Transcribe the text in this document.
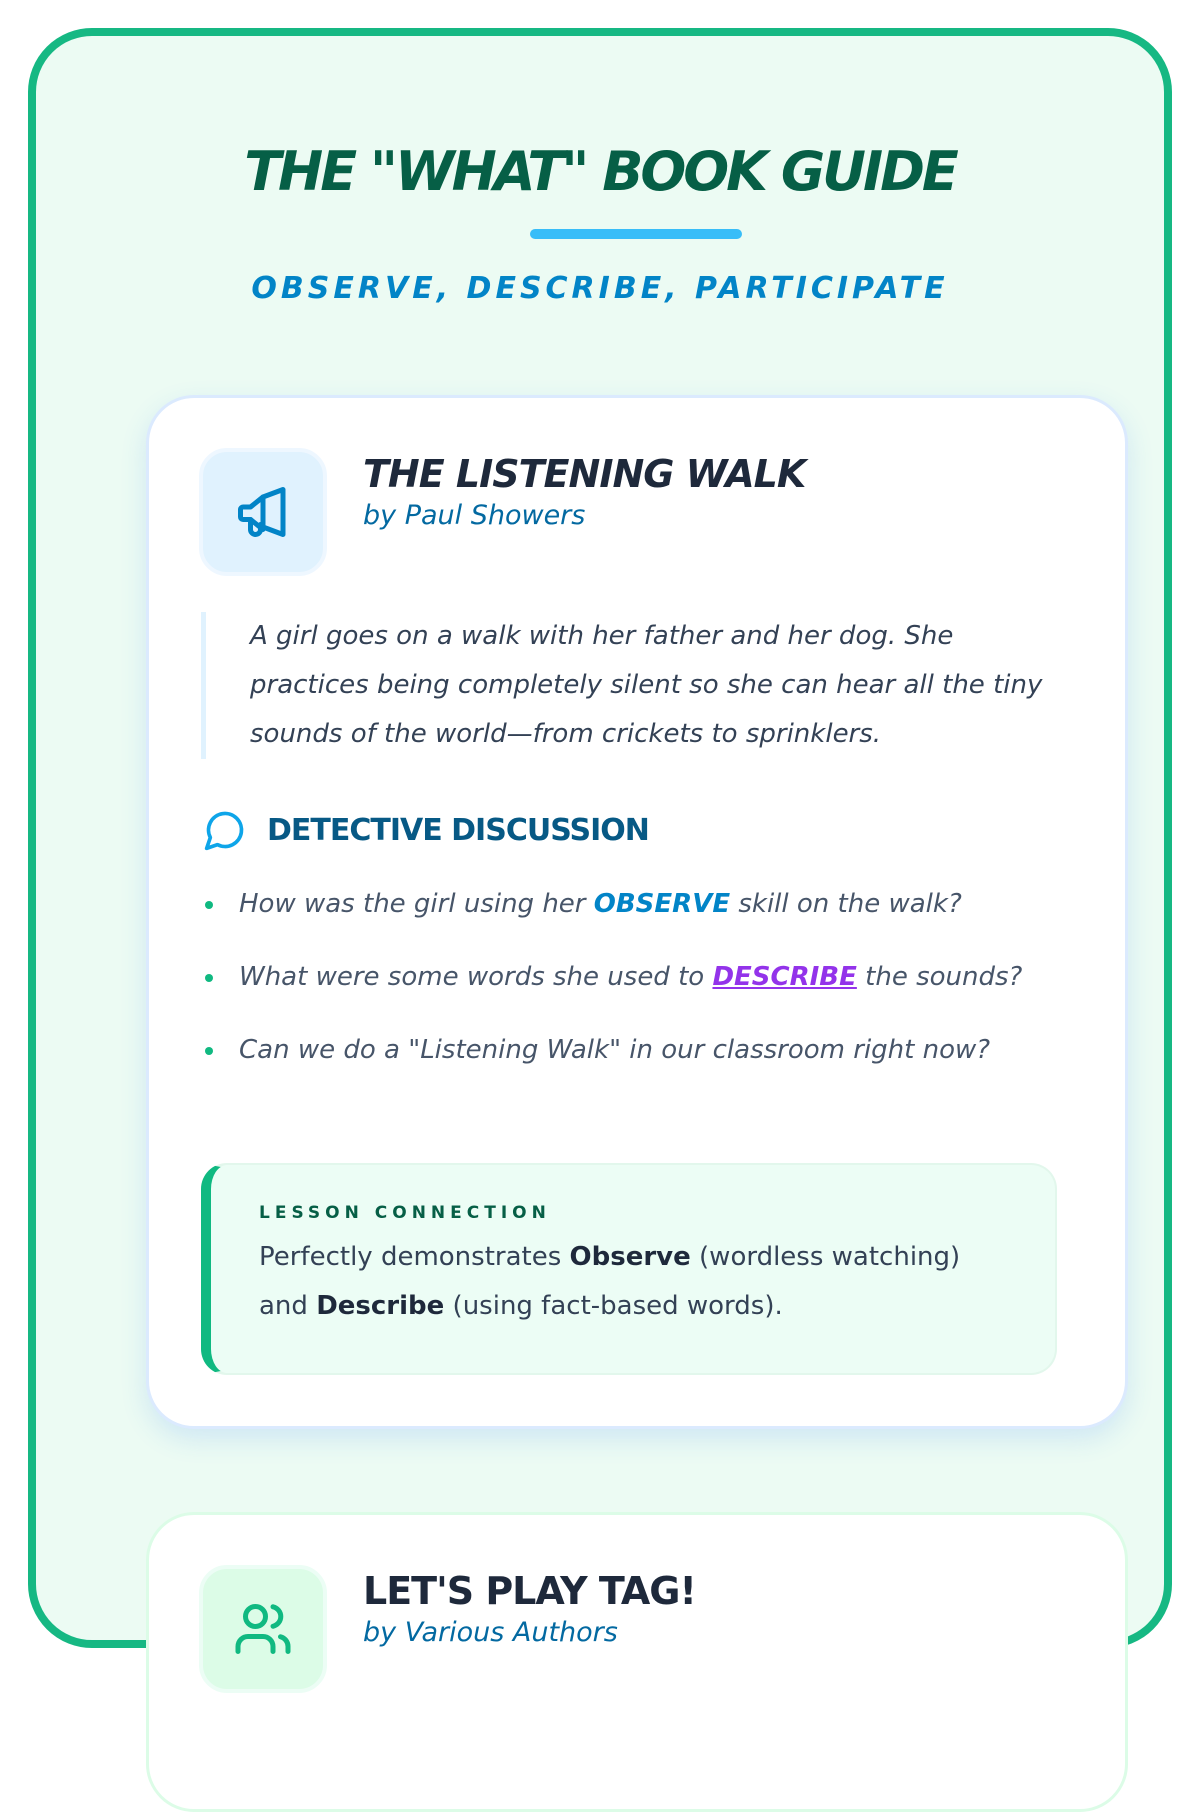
THE "WHAT" BOOK GUIDE
OBSERVE, DESCRIBE, PARTICIPATE
THE LISTENING WALK
by Paul Showers
A girl goes on a walk with her father and her dog. She practices being completely silent so she can hear all the tiny sounds of the world—from crickets to sprinklers.
DETECTIVE DISCUSSION
How was the girl using her OBSERVE skill on the walk?
What were some words she used to DESCRIBE the sounds?
Can we do a "Listening Walk" in our classroom right now?
LESSON CONNECTION
Perfectly demonstrates Observe (wordless watching) and Describe (using fact-based words).
LET'S PLAY TAG!
by Various Authors
